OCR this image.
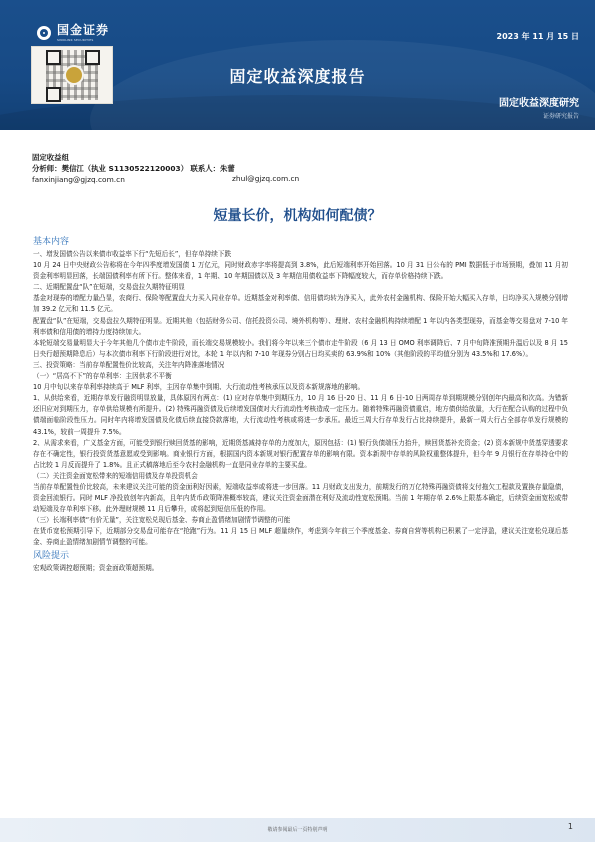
国金证券
SINOLINK SECURITIES	2023 年 11 月 15 日
固定收益深度报告
固定收益深度研究
证券研究报告
固定收益组
分析师：樊信江（执业 S1130522120003） 联系人：朱蕾
fanxinjiang@gjzq.com.cn	zhul@gjzq.com.cn
短量长价，机构如何配债？
基本内容

一、增发国债公告以来债市收益率下行“先短后长”，但存单持续下跌

10 月 24 日中央财政公告称将在今年四季度增发国债 1 万亿元，同时财政赤字率将提高到 3.8%，此后短端利率开始回落。10 月 31 日公布的 PMI 数据低于市场预期，叠加 11 月初资金利率明显回落，长端国债利率有所下行。整体来看，1 年期、10 年期国债以及 3 年期信用债收益率下降幅度较大，而存单价格持续下跌。

二、近期配置盘“队”在短端，交易盘拉久期特征明显

基金对现券的增配力量凸显，农商行、保险等配置盘大力买入同业存单。近期基金对利率债、信用债均转为净买入，此外农村金融机构、保险开始大幅买入存单，日均净买入规模分别增加 39.2 亿元和 11.5 亿元。

配置盘“队”在短端，交易盘拉久期特征明显。近期其他（包括财务公司、信托投资公司、境外机构等）、理财、农村金融机构持续增配 1 年以内各类型现券，而基金等交易盘对 7-10 年利率债和信用债的增持力度持续加大。

本轮短端交易量明显大于今年其他几个债市走牛阶段，而长端交易规模较小。我们将今年以来三个债市走牛阶段（6 月 13 日 OMO 利率调降后、7 月中旬降准预期升温后以及 8 月 15 日央行超预期降息后）与本次债市利率下行阶段进行对比，本轮 1 年以内和 7-10 年现券分别占日均买卖的 63.9%和 10%（其他阶段的平均值分别为 43.5%和 17.6%）。

三、投资策略：当前存单配置性价比较高，关注年内降准落地情况

（一）“居高不下”的存单利率：主因供求不平衡

10 月中旬以来存单利率持续高于 MLF 利率，主因存单集中到期、大行流动性考核承压以及资本新规落地的影响。

1、从供给来看，近期存单发行融资明显放量，具体原因有两点：(1) 应对存单集中到期压力，10 月 16 日-20 日、11 月 6 日-10 日两周存单到期规模分别创年内最高和次高。为错新还旧应对到期压力，存单供给规模有所提升。(2) 特殊再融资债及后续增发国债对大行流动性考核造成一定压力。随着特殊再融资债重启，地方债供给放量，大行在配合认购的过程中负债端面临阶段性压力。同时年内将增发国债及化债后续直接贷款落地，大行流动性考核或将进一步承压。最近三周大行存单发行占比持续提升，最新一周大行占全部存单发行规模的 43.1%，较前一周提升 7.5%。

2、从需求来看，广义基金方面，可能受到银行赎回货基的影响，近期货基减持存单的力度加大，原因包括：(1) 银行负债端压力抬升，赎回货基补充资金；(2) 资本新规中货基穿透要求存在不确定性，银行投资货基意愿或受到影响。商业银行方面，根据国内资本新规对银行配置存单的影响有限。资本新规中存单的风险权重整体提升，但今年 9 月银行在存单持仓中的占比较 1 月反而提升了 1.8%。且正式稿落地后至今农村金融机构一直是同业存单的主要买盘。

（二）关注资金面宽松带来的短端信用债及存单投资机会

当前存单配置性价比较高，未来建议关注可能的资金面利好因素，短端收益率或将进一步回落。11 月财政支出发力，前期发行的万亿特殊再融资债将支付拖欠工程款及置换存量隐债，资金回流银行。同时 MLF 净投放创年内新高，且年内货币政策降准概率较高，建议关注资金面潜在利好及流动性宽松预期。当前 1 年期存单 2.6%上限基本确定，后续资金面宽松或带动短端及存单利率下移。此外理财规模 11 月后攀升，或将起到短信压低的作用。

（三）长端利率债“有价无量”，关注宽松兑现后基金、券商止盈情绪加剧情节调整的可能

在货币宽松预期引导下，近期部分交易盘可能存在“抢跑”行为。11 月 15 日 MLF 超量续作，考虑到今年前三个季度基金、券商自营等机构已积累了一定浮盈，建议关注宽松兑现后基金、券商止盈情绪加剧情节调整的可能。

风险提示

宏观政策调控超预期；资金面政策超预期。

敬请参阅最后一页特别声明	1
